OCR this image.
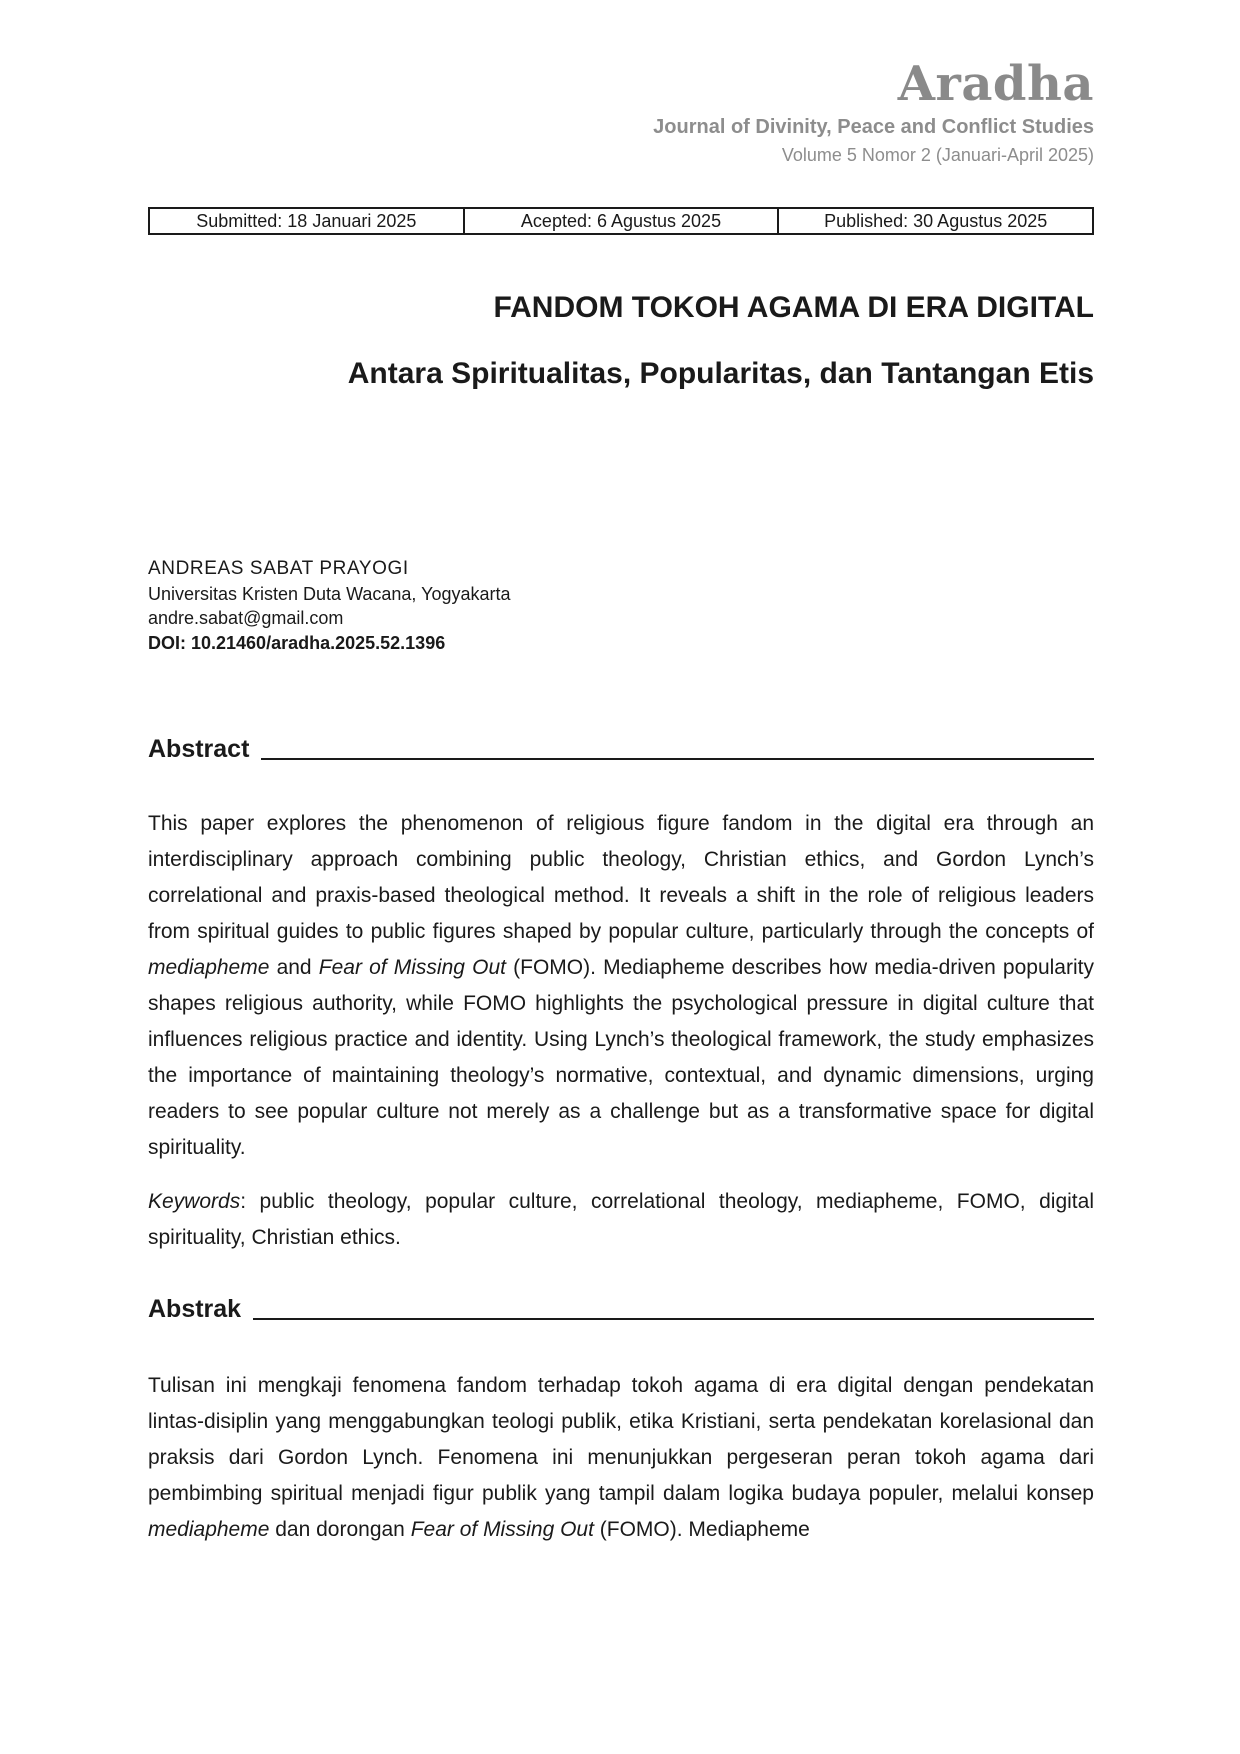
Aradha
Journal of Divinity, Peace and Conflict Studies
Volume 5 Nomor 2 (Januari-April 2025)
Submitted: 18 Januari 2025	Acepted: 6 Agustus 2025	Published: 30 Agustus 2025
FANDOM TOKOH AGAMA DI ERA DIGITAL
Antara Spiritualitas, Popularitas, dan Tantangan Etis
ANDREAS SABAT PRAYOGI
Universitas Kristen Duta Wacana, Yogyakarta
andre.sabat@gmail.com
DOI: 10.21460/aradha.2025.52.1396
Abstract
This paper explores the phenomenon of religious figure fandom in the digital era through an interdisciplinary approach combining public theology, Christian ethics, and Gordon Lynch’s correlational and praxis-based theological method. It reveals a shift in the role of religious leaders from spiritual guides to public figures shaped by popular culture, particularly through the concepts of mediapheme and Fear of Missing Out (FOMO). Mediapheme describes how media-driven popularity shapes religious authority, while FOMO highlights the psychological pressure in digital culture that influences religious practice and identity. Using Lynch’s theological framework, the study emphasizes the importance of maintaining theology’s normative, contextual, and dynamic dimensions, urging readers to see popular culture not merely as a challenge but as a transformative space for digital spirituality.
Keywords: public theology, popular culture, correlational theology, mediapheme, FOMO, digital spirituality, Christian ethics.
Abstrak
Tulisan ini mengkaji fenomena fandom terhadap tokoh agama di era digital dengan pendekatan lintas-disiplin yang menggabungkan teologi publik, etika Kristiani, serta pendekatan korelasional dan praksis dari Gordon Lynch. Fenomena ini menunjukkan pergeseran peran tokoh agama dari pembimbing spiritual menjadi figur publik yang tampil dalam logika budaya populer, melalui konsep mediapheme dan dorongan Fear of Missing Out (FOMO). Mediapheme
